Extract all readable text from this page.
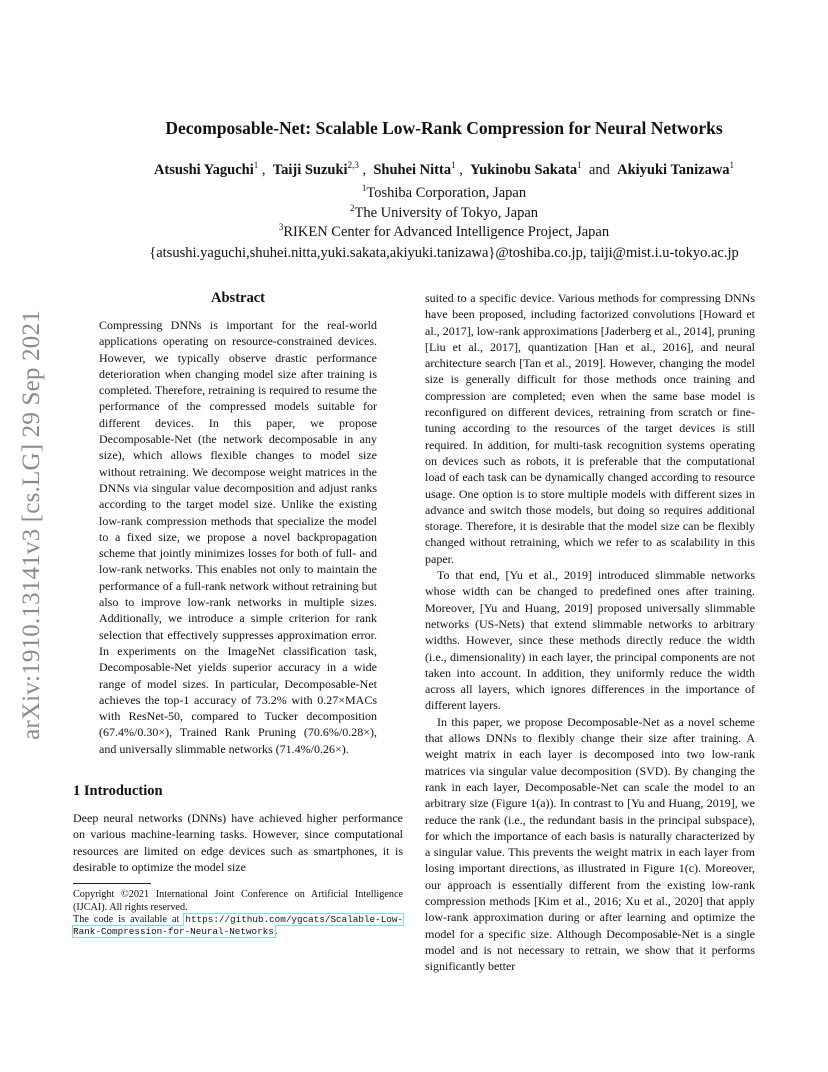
arXiv:1910.13141v3 [cs.LG] 29 Sep 2021
Decomposable-Net: Scalable Low-Rank Compression for Neural Networks
Atsushi Yaguchi$^1$ ,  Taiji Suzuki$^{2,3}$ ,  Shuhei Nitta$^1$ ,  Yukinobu Sakata$^1$ and Akiyuki Tanizawa$^1$
$^1$Toshiba Corporation, Japan
$^2$The University of Tokyo, Japan
$^3$RIKEN Center for Advanced Intelligence Project, Japan
{atsushi.yaguchi,shuhei.nitta,yuki.sakata,akiyuki.tanizawa}@toshiba.co.jp, taiji@mist.i.u-tokyo.ac.jp
Abstract

Compressing DNNs is important for the real-world applications operating on resource-constrained devices. However, we typically observe drastic performance deterioration when changing model size after training is completed. Therefore, retraining is required to resume the performance of the compressed models suitable for different devices. In this paper, we propose Decomposable-Net (the network decomposable in any size), which allows flexible changes to model size without retraining. We decompose weight matrices in the DNNs via singular value decomposition and adjust ranks according to the target model size. Unlike the existing low-rank compression methods that specialize the model to a fixed size, we propose a novel backpropagation scheme that jointly minimizes losses for both of full- and low-rank networks. This enables not only to maintain the performance of a full-rank network without retraining but also to improve low-rank networks in multiple sizes. Additionally, we introduce a simple criterion for rank selection that effectively suppresses approximation error. In experiments on the ImageNet classification task, Decomposable-Net yields superior accuracy in a wide range of model sizes. In particular, Decomposable-Net achieves the top-1 accuracy of 73.2% with 0.27×MACs with ResNet-50, compared to Tucker decomposition (67.4%/0.30×), Trained Rank Pruning (70.6%/0.28×), and universally slimmable networks (71.4%/0.26×).

1 Introduction

Deep neural networks (DNNs) have achieved higher performance on various machine-learning tasks. However, since computational resources are limited on edge devices such as smartphones, it is desirable to optimize the model size

Copyright ©2021 International Joint Conference on Artificial Intelligence (IJCAI). All rights reserved.

The code is available at https://github.com/ygcats/Scalable-Low-Rank-Compression-for-Neural-Networks.

suited to a specific device. Various methods for compressing DNNs have been proposed, including factorized convolutions [Howard et al., 2017], low-rank approximations [Jaderberg et al., 2014], pruning [Liu et al., 2017], quantization [Han et al., 2016], and neural architecture search [Tan et al., 2019]. However, changing the model size is generally difficult for those methods once training and compression are completed; even when the same base model is reconfigured on different devices, retraining from scratch or fine-tuning according to the resources of the target devices is still required. In addition, for multi-task recognition systems operating on devices such as robots, it is preferable that the computational load of each task can be dynamically changed according to resource usage. One option is to store multiple models with different sizes in advance and switch those models, but doing so requires additional storage. Therefore, it is desirable that the model size can be flexibly changed without retraining, which we refer to as scalability in this paper.

To that end, [Yu et al., 2019] introduced slimmable networks whose width can be changed to predefined ones after training. Moreover, [Yu and Huang, 2019] proposed universally slimmable networks (US-Nets) that extend slimmable networks to arbitrary widths. However, since these methods directly reduce the width (i.e., dimensionality) in each layer, the principal components are not taken into account. In addition, they uniformly reduce the width across all layers, which ignores differences in the importance of different layers.

In this paper, we propose Decomposable-Net as a novel scheme that allows DNNs to flexibly change their size after training. A weight matrix in each layer is decomposed into two low-rank matrices via singular value decomposition (SVD). By changing the rank in each layer, Decomposable-Net can scale the model to an arbitrary size (Figure 1(a)). In contrast to [Yu and Huang, 2019], we reduce the rank (i.e., the redundant basis in the principal subspace), for which the importance of each basis is naturally characterized by a singular value. This prevents the weight matrix in each layer from losing important directions, as illustrated in Figure 1(c). Moreover, our approach is essentially different from the existing low-rank compression methods [Kim et al., 2016; Xu et al., 2020] that apply low-rank approximation during or after learning and optimize the model for a specific size. Although Decomposable-Net is a single model and is not necessary to retrain, we show that it performs significantly better
